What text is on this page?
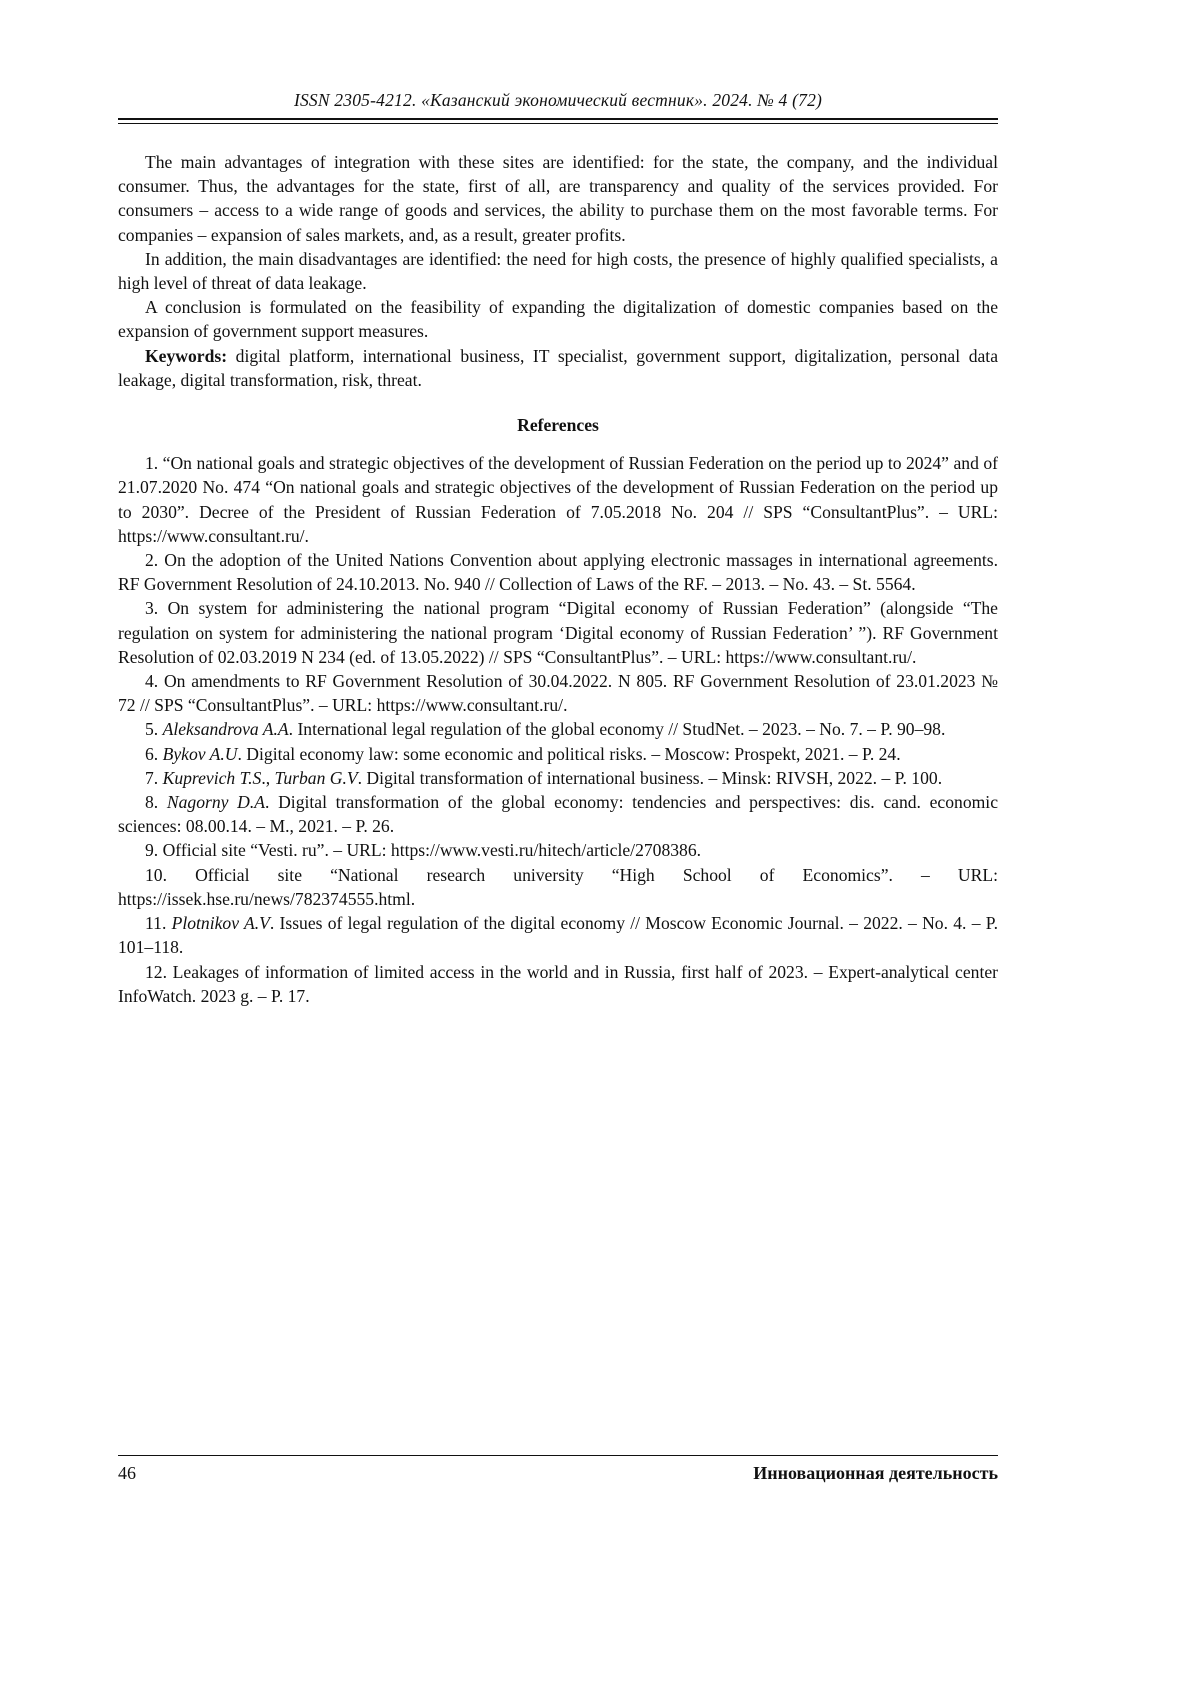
ISSN 2305-4212. «Казанский экономический вестник». 2024. № 4 (72)

The main advantages of integration with these sites are identified: for the state, the company, and the individual consumer. Thus, the advantages for the state, first of all, are transparency and quality of the services provided. For consumers – access to a wide range of goods and services, the ability to purchase them on the most favorable terms. For companies – expansion of sales markets, and, as a result, greater profits.

In addition, the main disadvantages are identified: the need for high costs, the presence of highly qualified specialists, a high level of threat of data leakage.

A conclusion is formulated on the feasibility of expanding the digitalization of domestic companies based on the expansion of government support measures.

Keywords: digital platform, international business, IT specialist, government support, digitalization, personal data leakage, digital transformation, risk, threat.

References

1. “On national goals and strategic objectives of the development of Russian Federation on the period up to 2024” and of 21.07.2020 No. 474 “On national goals and strategic objectives of the development of Russian Federation on the period up to 2030”. Decree of the President of Russian Federation of 7.05.2018 No. 204 // SPS “ConsultantPlus”. – URL: https://www.consultant.ru/.

2. On the adoption of the United Nations Convention about applying electronic massages in international agreements. RF Government Resolution of 24.10.2013. No. 940 // Collection of Laws of the RF. – 2013. – No. 43. – St. 5564.

3. On system for administering the national program “Digital economy of Russian Federation” (alongside “The regulation on system for administering the national program ‘Digital economy of Russian Federation’ ”). RF Government Resolution of 02.03.2019 N 234 (ed. of 13.05.2022) // SPS “ConsultantPlus”. – URL: https://www.consultant.ru/.

4. On amendments to RF Government Resolution of 30.04.2022. N 805. RF Government Resolution of 23.01.2023 № 72 // SPS “ConsultantPlus”. – URL: https://www.consultant.ru/.

5. Aleksandrova A.A. International legal regulation of the global economy // StudNet. – 2023. – No. 7. – P. 90–98.

6. Bykov A.U. Digital economy law: some economic and political risks. – Moscow: Prospekt, 2021. – P. 24.

7. Kuprevich T.S., Turban G.V. Digital transformation of international business. – Minsk: RIVSH, 2022. – P. 100.

8. Nagorny D.A. Digital transformation of the global economy: tendencies and perspectives: dis. cand. economic sciences: 08.00.14. – M., 2021. – P. 26.

9. Official site “Vesti. ru”. – URL: https://www.vesti.ru/hitech/article/2708386.

10. Official site “National research university “High School of Economics”. – URL: https://issek.hse.ru/news/782374555.html.

11. Plotnikov A.V. Issues of legal regulation of the digital economy // Moscow Economic Journal. – 2022. – No. 4. – P. 101–118.

12. Leakages of information of limited access in the world and in Russia, first half of 2023. – Expert-analytical center InfoWatch. 2023 g. – P. 17.

46	Инновационная деятельность
